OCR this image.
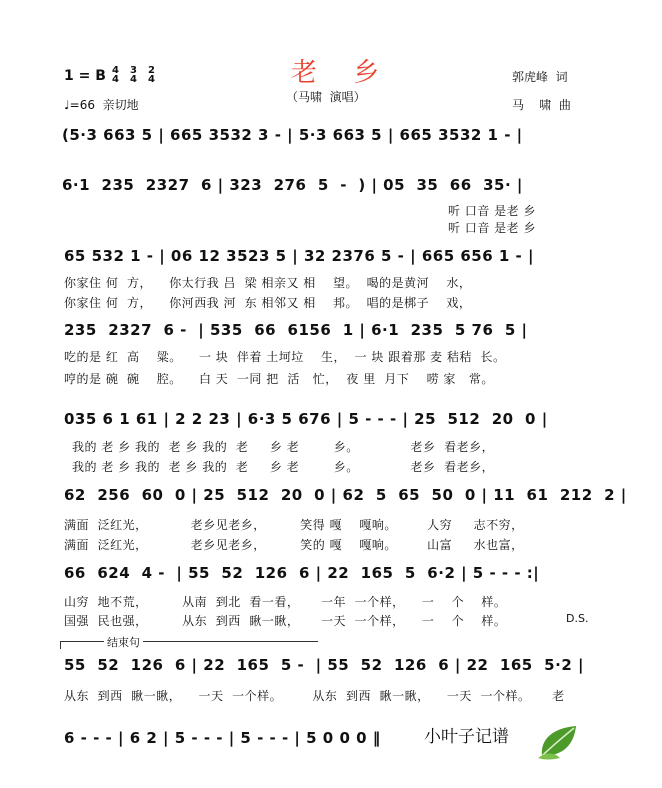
老 乡
（马啸  演唱）
1 = B 4
4
3
4
2
4
♩=66  亲切地
郭虎峰  词
马    啸  曲
(5·3 663 5 | 665 3532 3 - | 5·3 663 5 | 665 3532 1 - |
6·1  235  2327  6 | 323  276  5  -  ) | 05  35  66  35· |
听 口音 是老 乡
听 口音 是老 乡
65 532 1 - | 06 12 3523 5 | 32 2376 5 - | 665 656 1 - |
你家住 何  方，    你太行我 吕  梁 相亲又 相    望。  喝的是黄河    水，
你家住 何  方，    你河西我 河  东 相邻又 相    邦。  唱的是梆子    戏，
235  2327  6 -  | 535  66  6156  1 | 6·1  235  5 76  5 |
吃的是 红  高    粱。    一 块  伴着 土坷垃    生，  一 块 跟着那 麦 秸秸  长。
哼的是 碗  碗    腔。    白 天  一同 把  活   忙，  夜 里  月下    唠 家   常。
035 6 1 61 | 2 2 23 | 6·3 5 676 | 5 - - - | 25  512  20  0 |
我的 老 乡 我的  老 乡 我的  老     乡 老        乡。            老乡  看老乡，
我的 老 乡 我的  老 乡 我的  老     乡 老        乡。            老乡  看老乡，
62  256  60  0 | 25  512  20  0 | 62  5  65  50  0 | 11  61  212  2 |
满面  泛红光，          老乡见老乡，        笑得 嘎    嘎响。       人穷     志不穷，
满面  泛红光，          老乡见老乡，        笑的 嘎    嘎响。       山富     水也富，
66  624  4 -  | 55  52  126  6 | 22  165  5  6·2 | 5 - - - :|
山穷  地不荒，        从南  到北  看一看，     一年  一个样，    一    个    样。
国强  民也强，        从东  到西  瞅一瞅，     一天  一个样，    一    个    样。	D.S.
结束句
55  52  126  6 | 22  165  5 -  | 55  52  126  6 | 22  165  5·2 |
从东  到西  瞅一瞅，    一天  一个样。       从东  到西  瞅一瞅，    一天  一个样。     老
6 - - - | 6 2 | 5 - - - | 5 - - - | 5 0 0 0 ‖	小叶子记谱
